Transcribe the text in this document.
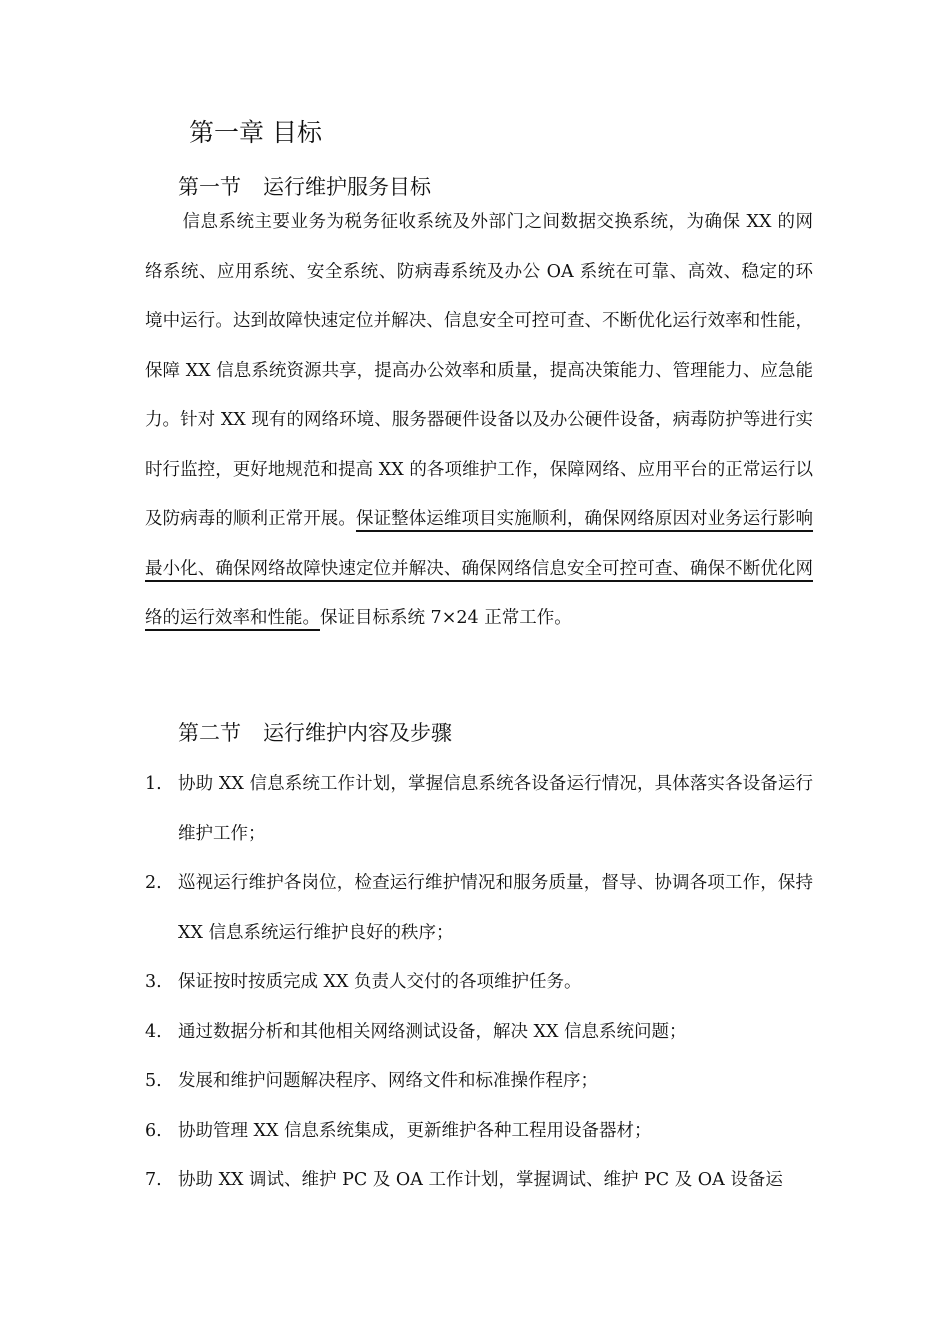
第一章 目标
第一节 运行维护服务目标
信息系统主要业务为税务征收系统及外部门之间数据交换系统，为确保 XX 的网络系统、应用系统、安全系统、防病毒系统及办公 OA 系统在可靠、高效、稳定的环境中运行。达到故障快速定位并解决、信息安全可控可查、不断优化运行效率和性能，保障 XX 信息系统资源共享，提高办公效率和质量，提高决策能力、管理能力、应急能力。针对 XX 现有的网络环境、服务器硬件设备以及办公硬件设备，病毒防护等进行实时行监控，更好地规范和提高 XX 的各项维护工作，保障网络、应用平台的正常运行以及防病毒的顺利正常开展。保证整体运维项目实施顺利，确保网络原因对业务运行影响最小化、确保网络故障快速定位并解决、确保网络信息安全可控可查、确保不断优化网络的运行效率和性能。保证目标系统 7×24 正常工作。
第二节 运行维护内容及步骤
1. 协助 XX 信息系统工作计划，掌握信息系统各设备运行情况，具体落实各设备运行维护工作；
2. 巡视运行维护各岗位，检查运行维护情况和服务质量，督导、协调各项工作，保持 XX 信息系统运行维护良好的秩序；
3. 保证按时按质完成 XX 负责人交付的各项维护任务。
4. 通过数据分析和其他相关网络测试设备，解决 XX 信息系统问题；
5. 发展和维护问题解决程序、网络文件和标准操作程序；
6. 协助管理 XX 信息系统集成，更新维护各种工程用设备器材；
7. 协助 XX 调试、维护 PC 及 OA 工作计划，掌握调试、维护 PC 及 OA 设备运
